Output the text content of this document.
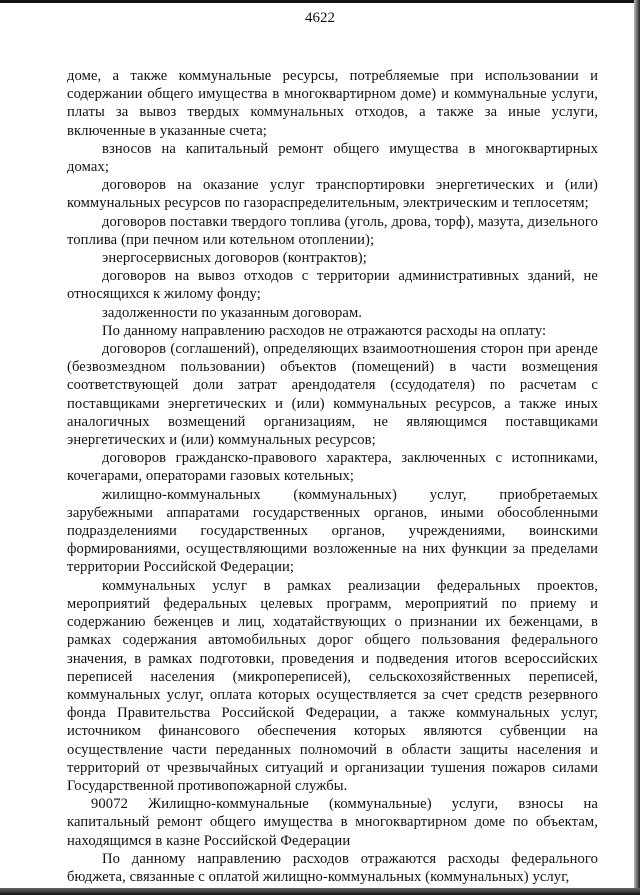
4622

доме, а также коммунальные ресурсы, потребляемые при использовании и содержании общего имущества в многоквартирном доме) и коммунальные услуги, платы за вывоз твердых коммунальных отходов, а также за иные услуги, включенные в указанные счета;

взносов на капитальный ремонт общего имущества в многоквартирных домах;

договоров на оказание услуг транспортировки энергетических и (или) коммунальных ресурсов по газораспределительным, электрическим и теплосетям;

договоров поставки твердого топлива (уголь, дрова, торф), мазута, дизельного топлива (при печном или котельном отоплении);

энергосервисных договоров (контрактов);

договоров на вывоз отходов с территории административных зданий, не относящихся к жилому фонду;

задолженности по указанным договорам.

По данному направлению расходов не отражаются расходы на оплату:

договоров (соглашений), определяющих взаимоотношения сторон при аренде (безвозмездном пользовании) объектов (помещений) в части возмещения соответствующей доли затрат арендодателя (ссудодателя) по расчетам с поставщиками энергетических и (или) коммунальных ресурсов, а также иных аналогичных возмещений организациям, не являющимся поставщиками энергетических и (или) коммунальных ресурсов;

договоров гражданско-правового характера, заключенных с истопниками, кочегарами, операторами газовых котельных;

жилищно-коммунальных (коммунальных) услуг, приобретаемых зарубежными аппаратами государственных органов, иными обособленными подразделениями государственных органов, учреждениями, воинскими формированиями, осуществляющими возложенные на них функции за пределами территории Российской Федерации;

коммунальных услуг в рамках реализации федеральных проектов, мероприятий федеральных целевых программ, мероприятий по приему и содержанию беженцев и лиц, ходатайствующих о признании их беженцами, в рамках содержания автомобильных дорог общего пользования федерального значения, в рамках подготовки, проведения и подведения итогов всероссийских переписей населения (микропереписей), сельскохозяйственных переписей, коммунальных услуг, оплата которых осуществляется за счет средств резервного фонда Правительства Российской Федерации, а также коммунальных услуг, источником финансового обеспечения которых являются субвенции на осуществление части переданных полномочий в области защиты населения и территорий от чрезвычайных ситуаций и организации тушения пожаров силами Государственной противопожарной службы.

90072 Жилищно-коммунальные (коммунальные) услуги, взносы на капитальный ремонт общего имущества в многоквартирном доме по объектам, находящимся в казне Российской Федерации

По данному направлению расходов отражаются расходы федерального бюджета, связанные с оплатой жилищно-коммунальных (коммунальных) услуг,
